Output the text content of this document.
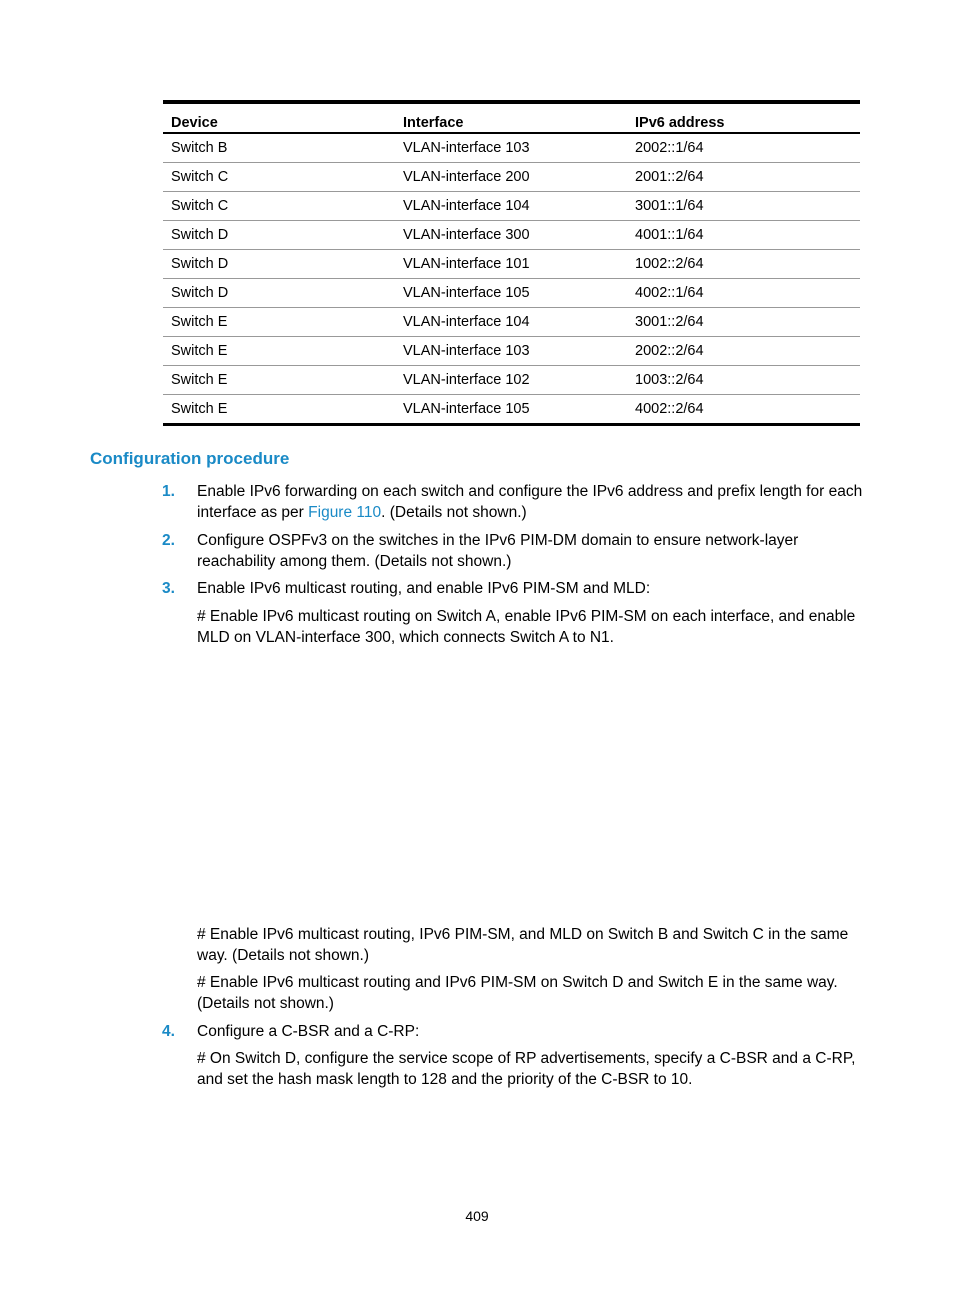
Device	Interface	IPv6 address
Switch B	VLAN-interface 103	2002::1/64
Switch C	VLAN-interface 200	2001::2/64
Switch C	VLAN-interface 104	3001::1/64
Switch D	VLAN-interface 300	4001::1/64
Switch D	VLAN-interface 101	1002::2/64
Switch D	VLAN-interface 105	4002::1/64
Switch E	VLAN-interface 104	3001::2/64
Switch E	VLAN-interface 103	2002::2/64
Switch E	VLAN-interface 102	1003::2/64
Switch E	VLAN-interface 105	4002::2/64
Configuration procedure
1. Enable IPv6 forwarding on each switch and configure the IPv6 address and prefix length for each interface as per Figure 110. (Details not shown.)

2. Configure OSPFv3 on the switches in the IPv6 PIM-DM domain to ensure network-layer reachability among them. (Details not shown.)

3. Enable IPv6 multicast routing, and enable IPv6 PIM-SM and MLD:

# Enable IPv6 multicast routing on Switch A, enable IPv6 PIM-SM on each interface, and enable MLD on VLAN-interface 300, which connects Switch A to N1.

# Enable IPv6 multicast routing, IPv6 PIM-SM, and MLD on Switch B and Switch C in the same way. (Details not shown.)

# Enable IPv6 multicast routing and IPv6 PIM-SM on Switch D and Switch E in the same way. (Details not shown.)

4. Configure a C-BSR and a C-RP:

# On Switch D, configure the service scope of RP advertisements, specify a C-BSR and a C-RP, and set the hash mask length to 128 and the priority of the C-BSR to 10.

409
